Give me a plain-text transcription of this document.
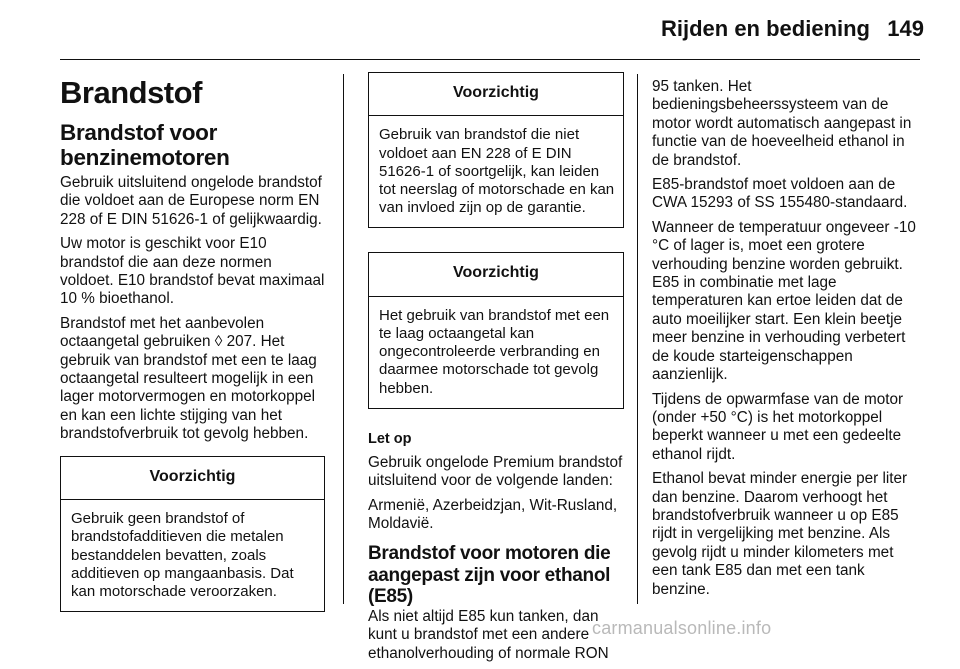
Rijden en bediening 149
Brandstof
Brandstof voor benzinemotoren

Gebruik uitsluitend ongelode brandstof die voldoet aan de Europese norm EN 228 of E DIN 51626-1 of gelijkwaardig.

Uw motor is geschikt voor E10 brandstof die aan deze normen voldoet. E10 brandstof bevat maximaal 10 % bioethanol.

Brandstof met het aanbevolen octaangetal gebruiken ◊ 207. Het gebruik van brandstof met een te laag octaangetal resulteert mogelijk in een lager motorvermogen en motorkoppel en kan een lichte stijging van het brandstofverbruik tot gevolg hebben.

Voorzichtig
Gebruik geen brandstof of brandstofadditieven die metalen bestanddelen bevatten, zoals additieven op mangaanbasis. Dat kan motorschade veroorzaken.
Voorzichtig
Gebruik van brandstof die niet voldoet aan EN 228 of E DIN 51626-1 of soortgelijk, kan leiden tot neerslag of motorschade en kan van invloed zijn op de garantie.
Voorzichtig
Het gebruik van brandstof met een te laag octaangetal kan ongecontroleerde verbranding en daarmee motorschade tot gevolg hebben.

Let op

Gebruik ongelode Premium brandstof uitsluitend voor de volgende landen:

Armenië, Azerbeidzjan, Wit-Rusland, Moldavië.

Brandstof voor motoren die aangepast zijn voor ethanol (E85)

Als niet altijd E85 kun tanken, dan kunt u brandstof met een andere ethanolverhouding of normale RON

95 tanken. Het bedieningsbeheerssysteem van de motor wordt automatisch aangepast in functie van de hoeveelheid ethanol in de brandstof.

E85-brandstof moet voldoen aan de CWA 15293 of SS 155480-standaard.

Wanneer de temperatuur ongeveer -10 °C of lager is, moet een grotere verhouding benzine worden gebruikt. E85 in combinatie met lage temperaturen kan ertoe leiden dat de auto moeilijker start. Een klein beetje meer benzine in verhouding verbetert de koude starteigenschappen aanzienlijk.

Tijdens de opwarmfase van de motor (onder +50 °C) is het motorkoppel beperkt wanneer u met een gedeelte ethanol rijdt.

Ethanol bevat minder energie per liter dan benzine. Daarom verhoogt het brandstofverbruik wanneer u op E85 rijdt in vergelijking met benzine. Als gevolg rijdt u minder kilometers met een tank E85 dan met een tank benzine.

carmanualsonline.info
